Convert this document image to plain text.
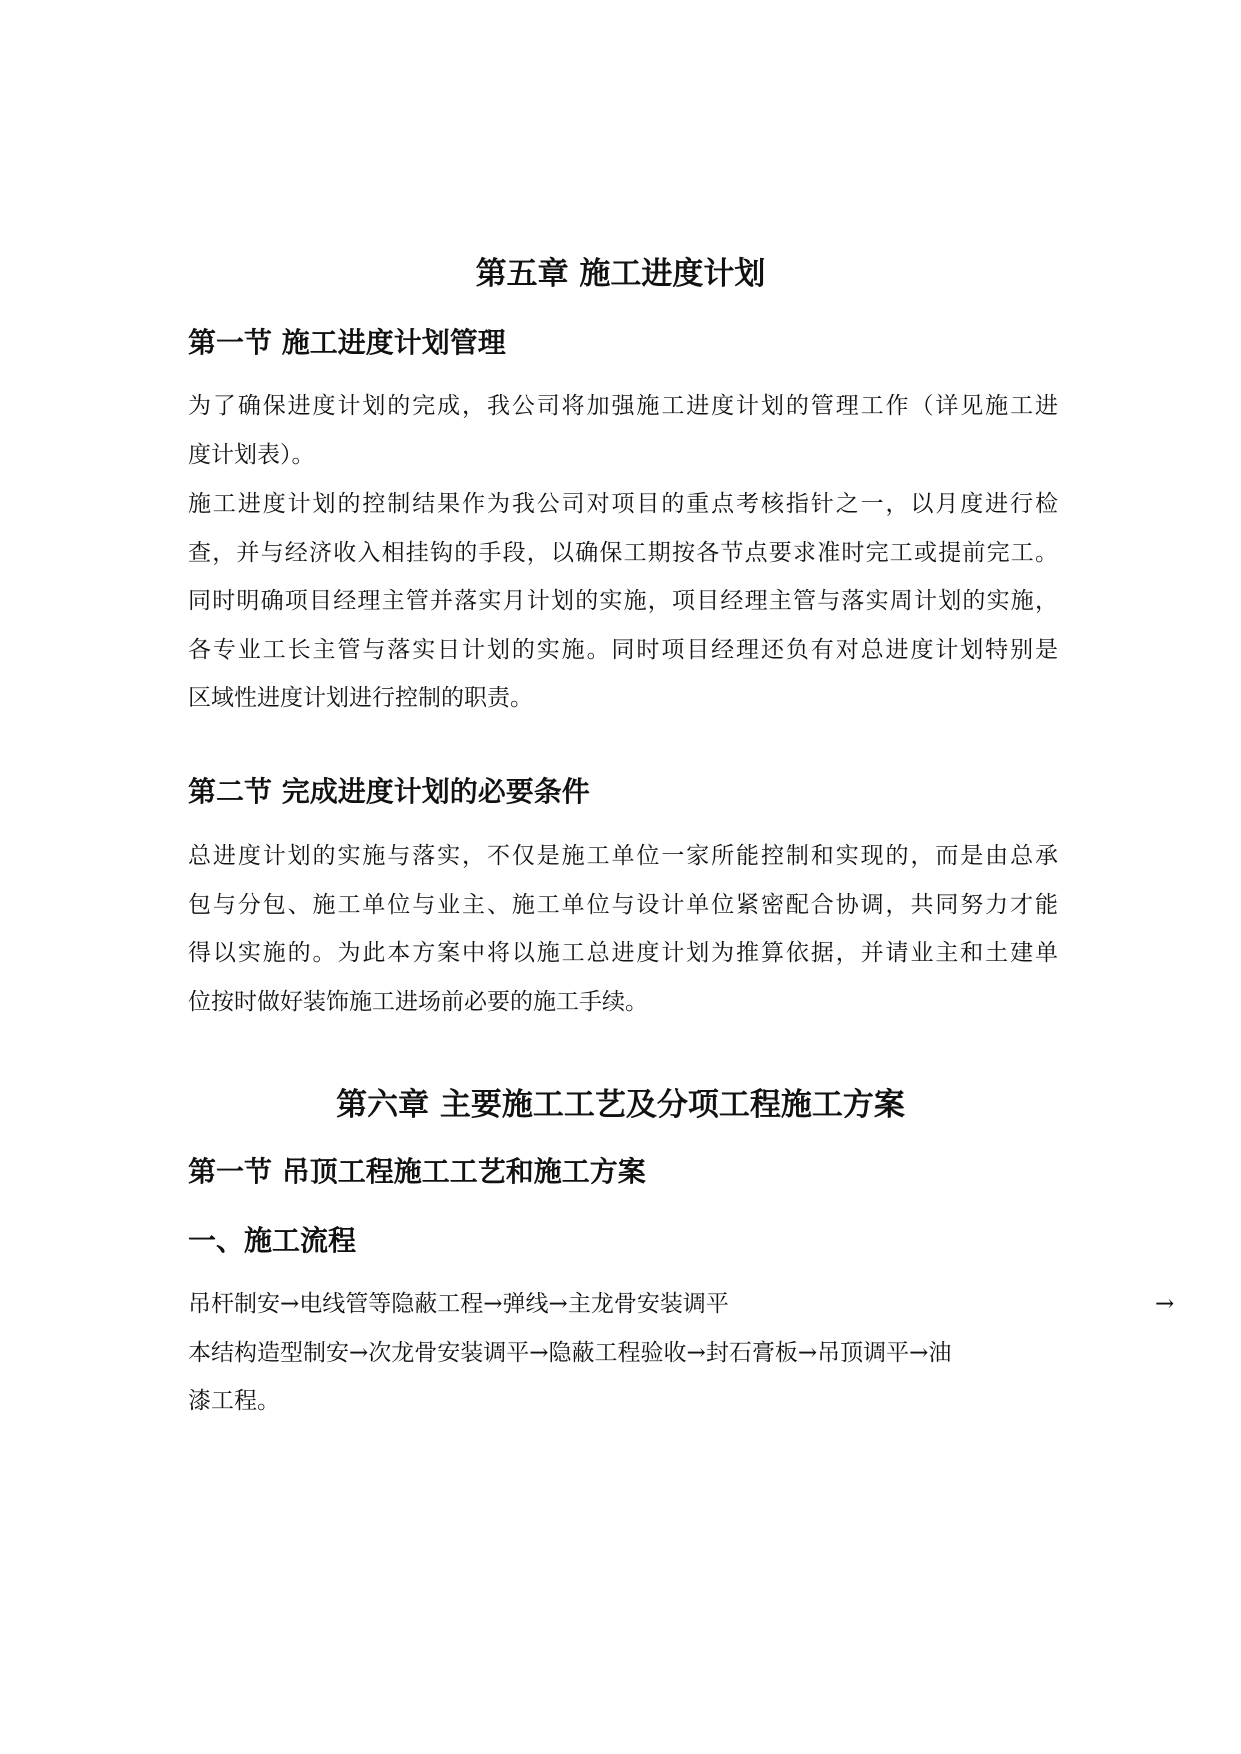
第五章 施工进度计划
第一节 施工进度计划管理

为了确保进度计划的完成，我公司将加强施工进度计划的管理工作（详见施工进
度计划表）。

施工进度计划的控制结果作为我公司对项目的重点考核指针之一，以月度进行检
查，并与经济收入相挂钩的手段，以确保工期按各节点要求准时完工或提前完工。
同时明确项目经理主管并落实月计划的实施，项目经理主管与落实周计划的实施，
各专业工长主管与落实日计划的实施。同时项目经理还负有对总进度计划特别是
区域性进度计划进行控制的职责。

第二节 完成进度计划的必要条件

总进度计划的实施与落实，不仅是施工单位一家所能控制和实现的，而是由总承
包与分包、施工单位与业主、施工单位与设计单位紧密配合协调，共同努力才能
得以实施的。为此本方案中将以施工总进度计划为推算依据，并请业主和土建单
位按时做好装饰施工进场前必要的施工手续。

第六章 主要施工工艺及分项工程施工方案
第一节 吊顶工程施工工艺和施工方案
一、施工流程

吊杆制安→电线管等隐蔽工程→弹线→主龙骨安装调平
本结构造型制安→次龙骨安装调平→隐蔽工程验收→封石膏板→吊顶调平→油
漆工程。

→
